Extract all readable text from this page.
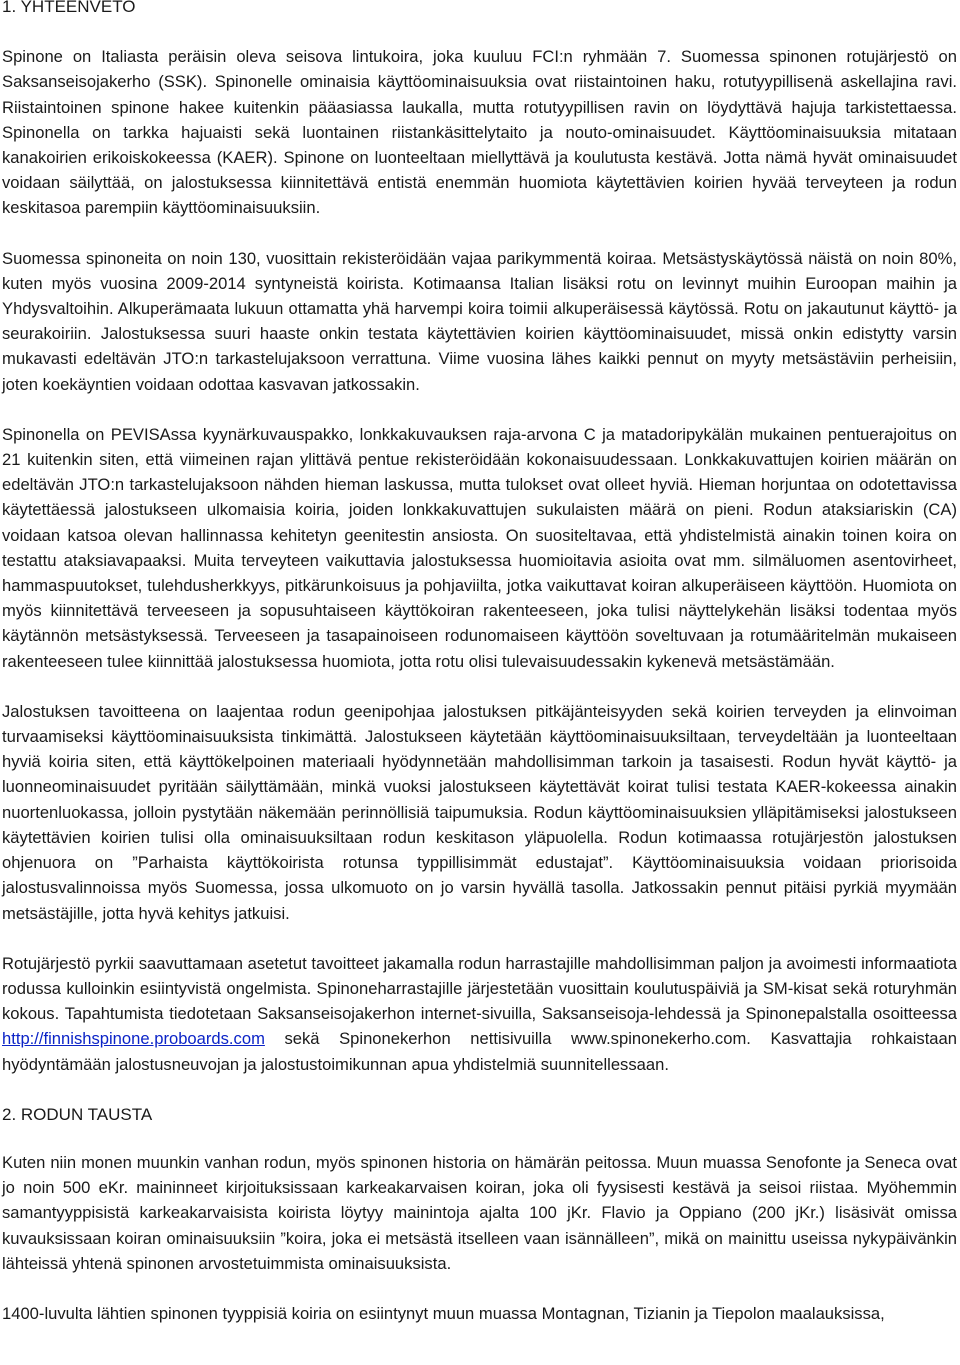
1. YHTEENVETO

Spinone on Italiasta peräisin oleva seisova lintukoira, joka kuuluu FCI:n ryhmään 7. Suomessa spinonen rotujärjestö on Saksanseisojakerho (SSK). Spinonelle ominaisia käyttöominaisuuksia ovat riistaintoinen haku, rotutyypillisenä askellajina ravi. Riistaintoinen spinone hakee kuitenkin pääasiassa laukalla, mutta rotutyypillisen ravin on löydyttävä hajuja tarkistettaessa. Spinonella on tarkka hajuaisti sekä luontainen riistankäsittelytaito ja nouto-ominaisuudet. Käyttöominaisuuksia mitataan kanakoirien erikoiskokeessa (KAER). Spinone on luonteeltaan miellyttävä ja koulutusta kestävä. Jotta nämä hyvät ominaisuudet voidaan säilyttää, on jalostuksessa kiinnitettävä entistä enemmän huomiota käytettävien koirien hyvää terveyteen ja rodun keskitasoa parempiin käyttöominaisuuksiin.

Suomessa spinoneita on noin 130, vuosittain rekisteröidään vajaa parikymmentä koiraa. Metsästyskäytössä näistä on noin 80%, kuten myös vuosina 2009-2014 syntyneistä koirista. Kotimaansa Italian lisäksi rotu on levinnyt muihin Euroopan maihin ja Yhdysvaltoihin. Alkuperämaata lukuun ottamatta yhä harvempi koira toimii alkuperäisessä käytössä. Rotu on jakautunut käyttö- ja seurakoiriin. Jalostuksessa suuri haaste onkin testata käytettävien koirien käyttöominaisuudet, missä onkin edistytty varsin mukavasti edeltävän JTO:n tarkastelujaksoon verrattuna. Viime vuosina lähes kaikki pennut on myyty metsästäviin perheisiin, joten koekäyntien voidaan odottaa kasvavan jatkossakin.

Spinonella on PEVISAssa kyynärkuvauspakko, lonkkakuvauksen raja-arvona C ja matadoripykälän mukainen pentuerajoitus on 21 kuitenkin siten, että viimeinen rajan ylittävä pentue rekisteröidään kokonaisuudessaan. Lonkkakuvattujen koirien määrän on edeltävän JTO:n tarkastelujaksoon nähden hieman laskussa, mutta tulokset ovat olleet hyviä. Hieman horjuntaa on odotettavissa käytettäessä jalostukseen ulkomaisia koiria, joiden lonkkakuvattujen sukulaisten määrä on pieni. Rodun ataksiariskin (CA) voidaan katsoa olevan hallinnassa kehitetyn geenitestin ansiosta. On suositeltavaa, että yhdistelmistä ainakin toinen koira on testattu ataksiavapaaksi. Muita terveyteen vaikuttavia jalostuksessa huomioitavia asioita ovat mm. silmäluomen asentovirheet, hammaspuutokset, tulehdusherkkyys, pitkärunkoisuus ja pohjaviilta, jotka vaikuttavat koiran alkuperäiseen käyttöön. Huomiota on myös kiinnitettävä terveeseen ja sopusuhtaiseen käyttökoiran rakenteeseen, joka tulisi näyttelykehän lisäksi todentaa myös käytännön metsästyksessä. Terveeseen ja tasapainoiseen rodunomaiseen käyttöön soveltuvaan ja rotumääritelmän mukaiseen rakenteeseen tulee kiinnittää jalostuksessa huomiota, jotta rotu olisi tulevaisuudessakin kykenevä metsästämään.

Jalostuksen tavoitteena on laajentaa rodun geenipohjaa jalostuksen pitkäjänteisyyden sekä koirien terveyden ja elinvoiman turvaamiseksi käyttöominaisuuksista tinkimättä. Jalostukseen käytetään käyttöominaisuuksiltaan, terveydeltään ja luonteeltaan hyviä koiria siten, että käyttökelpoinen materiaali hyödynnetään mahdollisimman tarkoin ja tasaisesti. Rodun hyvät käyttö- ja luonneominaisuudet pyritään säilyttämään, minkä vuoksi jalostukseen käytettävät koirat tulisi testata KAER-kokeessa ainakin nuortenluokassa, jolloin pystytään näkemään perinnöllisiä taipumuksia. Rodun käyttöominaisuuksien ylläpitämiseksi jalostukseen käytettävien koirien tulisi olla ominaisuuksiltaan rodun keskitason yläpuolella. Rodun kotimaassa rotujärjestön jalostuksen ohjenuora on ”Parhaista käyttökoirista rotunsa typpillisimmät edustajat”. Käyttöominaisuuksia voidaan priorisoida jalostusvalinnoissa myös Suomessa, jossa ulkomuoto on jo varsin hyvällä tasolla. Jatkossakin pennut pitäisi pyrkiä myymään metsästäjille, jotta hyvä kehitys jatkuisi.

Rotujärjestö pyrkii saavuttamaan asetetut tavoitteet jakamalla rodun harrastajille mahdollisimman paljon ja avoimesti informaatiota rodussa kulloinkin esiintyvistä ongelmista. Spinoneharrastajille järjestetään vuosittain koulutuspäiviä ja SM-kisat sekä roturyhmän kokous. Tapahtumista tiedotetaan Saksanseisojakerhon internet-sivuilla, Saksanseisoja-lehdessä ja Spinonepalstalla osoitteessa http://finnishspinone.proboards.com sekä Spinonekerhon nettisivuilla www.spinonekerho.com. Kasvattajia rohkaistaan hyödyntämään jalostusneuvojan ja jalostustoimikunnan apua yhdistelmiä suunnitellessaan.

2. RODUN TAUSTA

Kuten niin monen muunkin vanhan rodun, myös spinonen historia on hämärän peitossa. Muun muassa Senofonte ja Seneca ovat jo noin 500 eKr. maininneet kirjoituksissaan karkeakarvaisen koiran, joka oli fyysisesti kestävä ja seisoi riistaa. Myöhemmin samantyyppisistä karkeakarvaisista koirista löytyy mainintoja ajalta 100 jKr. Flavio ja Oppiano (200 jKr.) lisäsivät omissa kuvauksissaan koiran ominaisuuksiin ”koira, joka ei metsästä itselleen vaan isännälleen”, mikä on mainittu useissa nykypäivänkin lähteissä yhtenä spinonen arvostetuimmista ominaisuuksista.

1400-luvulta lähtien spinonen tyyppisiä koiria on esiintynyt muun muassa Montagnan, Tizianin ja Tiepolon maalauksissa,
